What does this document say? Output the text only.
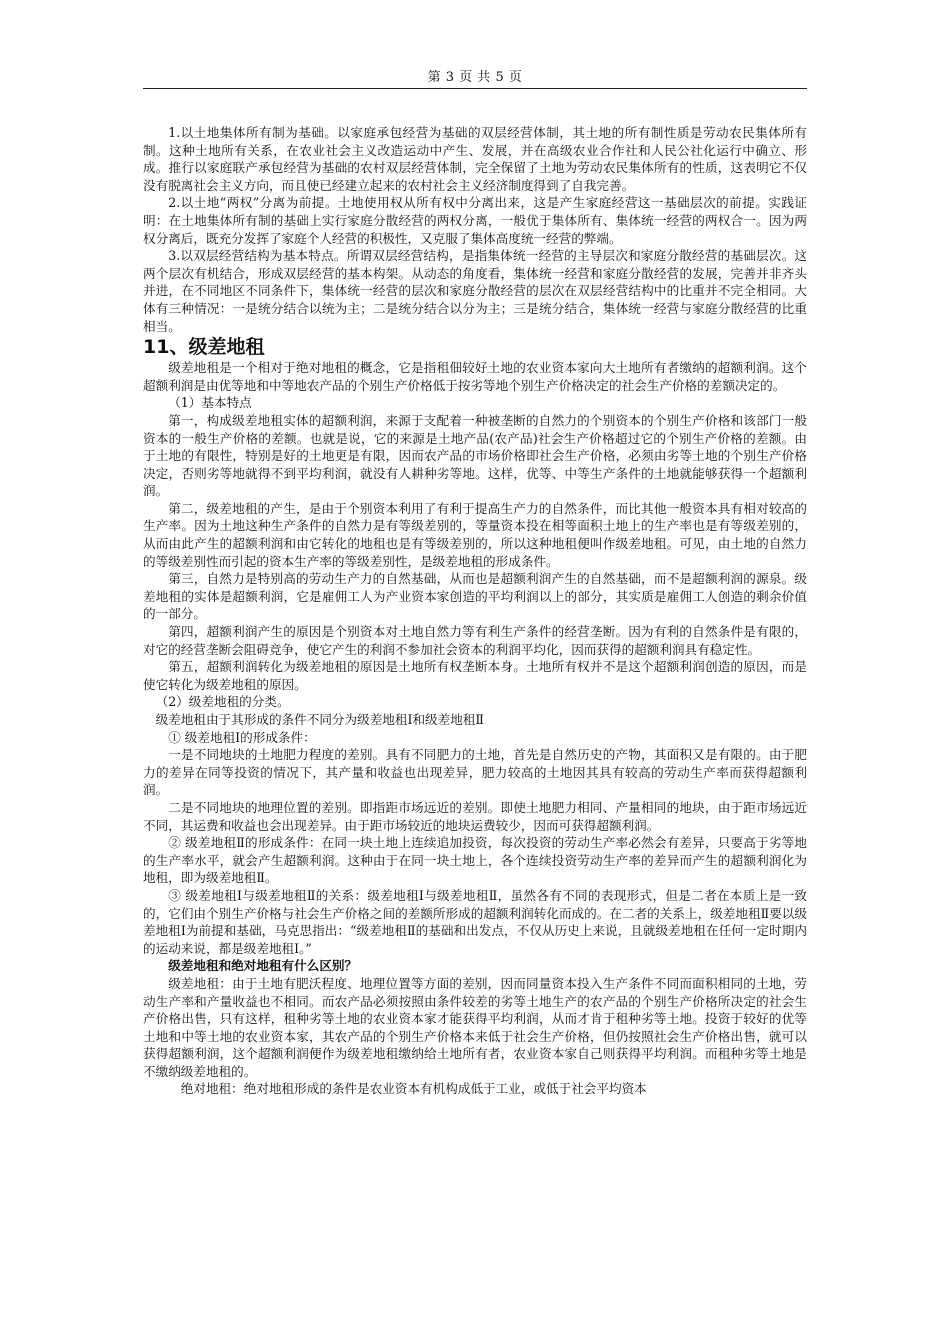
第 3 页 共 5 页

1.以土地集体所有制为基础。以家庭承包经营为基础的双层经营体制，其土地的所有制性质是劳动农民集体所有制。这种土地所有关系，在农业社会主义改造运动中产生、发展，并在高级农业合作社和人民公社化运行中确立、形成。推行以家庭联产承包经营为基础的农村双层经营体制，完全保留了土地为劳动农民集体所有的性质，这表明它不仅没有脱离社会主义方向，而且使已经建立起来的农村社会主义经济制度得到了自我完善。

2.以土地“两权”分离为前提。土地使用权从所有权中分离出来，这是产生家庭经营这一基础层次的前提。实践证明：在土地集体所有制的基础上实行家庭分散经营的两权分离，一般优于集体所有、集体统一经营的两权合一。因为两权分离后，既充分发挥了家庭个人经营的积极性，又克服了集体高度统一经营的弊端。

3.以双层经营结构为基本特点。所谓双层经营结构，是指集体统一经营的主导层次和家庭分散经营的基础层次。这两个层次有机结合，形成双层经营的基本构架。从动态的角度看，集体统一经营和家庭分散经营的发展，完善并非齐头并进，在不同地区不同条件下，集体统一经营的层次和家庭分散经营的层次在双层经营结构中的比重并不完全相同。大体有三种情况：一是统分结合以统为主；二是统分结合以分为主；三是统分结合，集体统一经营与家庭分散经营的比重相当。

11、级差地租

级差地租是一个相对于绝对地租的概念，它是指租佃较好土地的农业资本家向大土地所有者缴纳的超额利润。这个超额利润是由优等地和中等地农产品的个别生产价格低于按劣等地个别生产价格决定的社会生产价格的差额决定的。

（1）基本特点

第一，构成级差地租实体的超额利润，来源于支配着一种被垄断的自然力的个别资本的个别生产价格和该部门一般资本的一般生产价格的差额。也就是说，它的来源是土地产品(农产品)社会生产价格超过它的个别生产价格的差额。由于土地的有限性，特别是好的土地更是有限，因而农产品的市场价格即社会生产价格，必须由劣等土地的个别生产价格决定，否则劣等地就得不到平均利润，就没有人耕种劣等地。这样，优等、中等生产条件的土地就能够获得一个超额利润。

第二，级差地租的产生，是由于个别资本利用了有利于提高生产力的自然条件，而比其他一般资本具有相对较高的生产率。因为土地这种生产条件的自然力是有等级差别的，等量资本投在相等面积土地上的生产率也是有等级差别的，从而由此产生的超额利润和由它转化的地租也是有等级差别的，所以这种地租便叫作级差地租。可见，由土地的自然力的等级差别性而引起的资本生产率的等级差别性，是级差地租的形成条件。

第三，自然力是特别高的劳动生产力的自然基础，从而也是超额利润产生的自然基础，而不是超额利润的源泉。级差地租的实体是超额利润，它是雇佣工人为产业资本家创造的平均利润以上的部分，其实质是雇佣工人创造的剩余价值的一部分。

第四，超额利润产生的原因是个别资本对土地自然力等有利生产条件的经营垄断。因为有利的自然条件是有限的，对它的经营垄断会阻碍竞争，使它产生的利润不参加社会资本的利润平均化，因而获得的超额利润具有稳定性。

第五，超额利润转化为级差地租的原因是土地所有权垄断本身。土地所有权并不是这个超额利润创造的原因，而是使它转化为级差地租的原因。

（2）级差地租的分类。

级差地租由于其形成的条件不同分为级差地租Ⅰ和级差地租Ⅱ

① 级差地租Ⅰ的形成条件：

一是不同地块的土地肥力程度的差别。具有不同肥力的土地，首先是自然历史的产物，其面积又是有限的。由于肥力的差异在同等投资的情况下，其产量和收益也出现差异，肥力较高的土地因其具有较高的劳动生产率而获得超额利润。

二是不同地块的地理位置的差别。即指距市场远近的差别。即使土地肥力相同、产量相同的地块，由于距市场远近不同，其运费和收益也会出现差异。由于距市场较近的地块运费较少，因而可获得超额利润。

② 级差地租Ⅱ的形成条件：在同一块土地上连续追加投资，每次投资的劳动生产率必然会有差异，只要高于劣等地的生产率水平，就会产生超额利润。这种由于在同一块土地上，各个连续投资劳动生产率的差异而产生的超额利润化为地租，即为级差地租Ⅱ。

③ 级差地租Ⅰ与级差地租Ⅱ的关系：级差地租Ⅰ与级差地租Ⅱ，虽然各有不同的表现形式，但是二者在本质上是一致的，它们由个别生产价格与社会生产价格之间的差额所形成的超额利润转化而成的。在二者的关系上，级差地租Ⅱ要以级差地租Ⅰ为前提和基础，马克思指出：“级差地租Ⅱ的基础和出发点，不仅从历史上来说，且就级差地租在任何一定时期内的运动来说，都是级差地租Ⅰ。”

级差地租和绝对地租有什么区别？

级差地租：由于土地有肥沃程度、地理位置等方面的差别，因而同量资本投入生产条件不同而面积相同的土地，劳动生产率和产量收益也不相同。而农产品必须按照由条件较差的劣等土地生产的农产品的个别生产价格所决定的社会生产价格出售，只有这样，租种劣等土地的农业资本家才能获得平均利润，从而才肯于租种劣等土地。投资于较好的优等土地和中等土地的农业资本家，其农产品的个别生产价格本来低于社会生产价格，但仍按照社会生产价格出售，就可以获得超额利润，这个超额利润便作为级差地租缴纳给土地所有者，农业资本家自己则获得平均利润。而租种劣等土地是不缴纳级差地租的。

绝对地租：绝对地租形成的条件是农业资本有机构成低于工业，或低于社会平均资本
